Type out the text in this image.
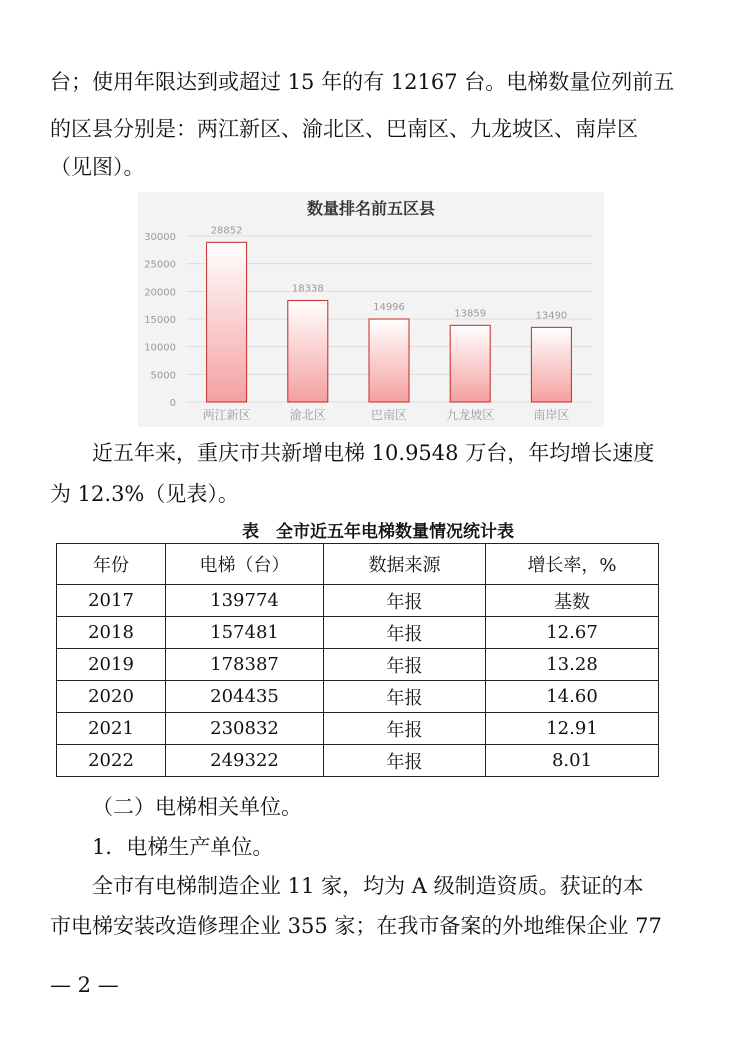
台；使用年限达到或超过 15 年的有 12167 台。电梯数量位列前五

的区县分别是：两江新区、渝北区、巴南区、九龙坡区、南岸区

（见图）。

数量排名前五区县
0
5000
10000
15000
20000
25000
30000
28852
两江新区
18338
渝北区
14996
巴南区
13859
九龙坡区
13490
南岸区

近五年来，重庆市共新增电梯 10.9548 万台，年均增长速度

为 12.3%（见表）。

表　全市近五年电梯数量情况统计表
年份	电梯（台）	数据来源	增长率，%
2017	139774	年报	基数
2018	157481	年报	12.67
2019	178387	年报	13.28
2020	204435	年报	14.60
2021	230832	年报	12.91
2022	249322	年报	8.01

（二）电梯相关单位。

1．电梯生产单位。

全市有电梯制造企业 11 家，均为 A 级制造资质。获证的本

市电梯安装改造修理企业 355 家；在我市备案的外地维保企业 77

— 2 —
